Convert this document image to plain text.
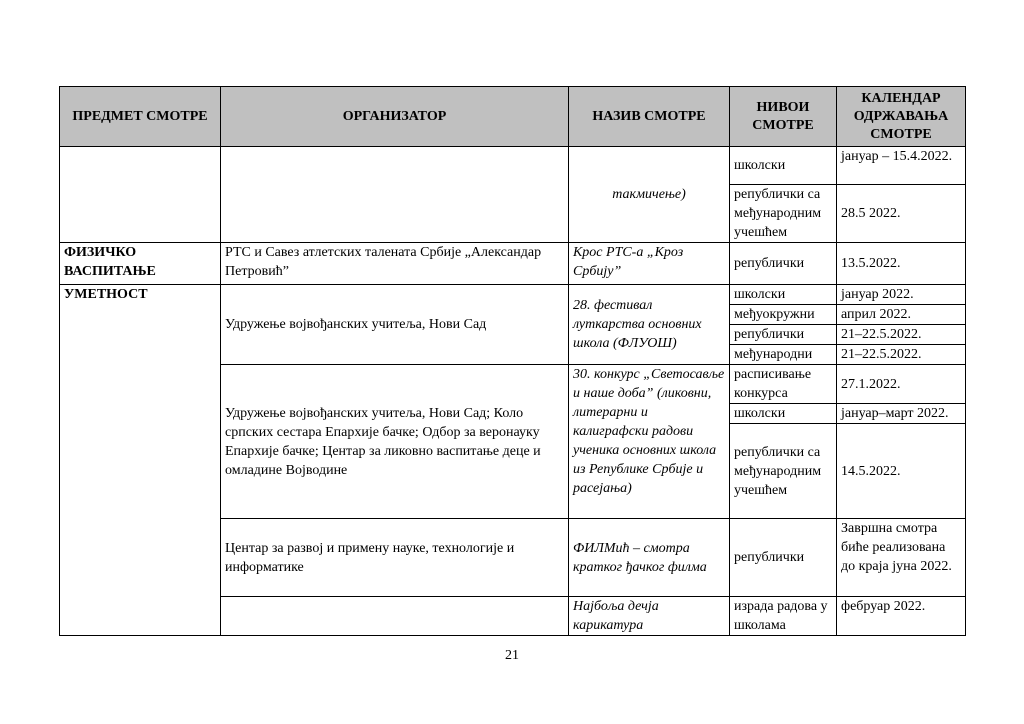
ПРЕДМЕТ СМОТРЕ	ОРГАНИЗАТОР	НАЗИВ СМОТРЕ	НИВОИ СМОТРЕ	КАЛЕНДАР ОДРЖАВАЊА СМОТРЕ
		такмичење)	школски	јануар – 15.4.2022.
			републички са међународним учешћем	28.5 2022.
ФИЗИЧКО ВАСПИТАЊЕ	РТС и Савез атлетских талената Србије „Александар Петровић”	Крос РТС-а „Кроз Србију”	републички	13.5.2022.
УМЕТНОСТ	Удружење војвођанских учитеља, Нови Сад	28. фестивал луткарства основних школа (ФЛУОШ)	школски	јануар 2022.
			међуокружни	април 2022.
			републички	21–22.5.2022.
			међународни	21–22.5.2022.
	Удружење војвођанских учитеља, Нови Сад; Коло српских сестара Епархије бачке; Одбор за веронауку Епархије бачке; Центар за ликовно васпитање деце и омладине Војводине	30. конкурс „Светосавље и наше доба” (ликовни, литерарни и калиграфски радови ученика основних школа из Републике Србије и расејања)	расписивање конкурса	27.1.2022.
			школски	јануар–март 2022.
			републички са међународним учешћем	14.5.2022.
	Центар за развој и примену науке, технологије и информатике	ФИЛМић – смотра кратког ђачког филма	републички	Завршна смотра биће реализована до краја јуна 2022.
		Најбоља дечја карикатура	израда радова у школама	фебруар 2022.
21
